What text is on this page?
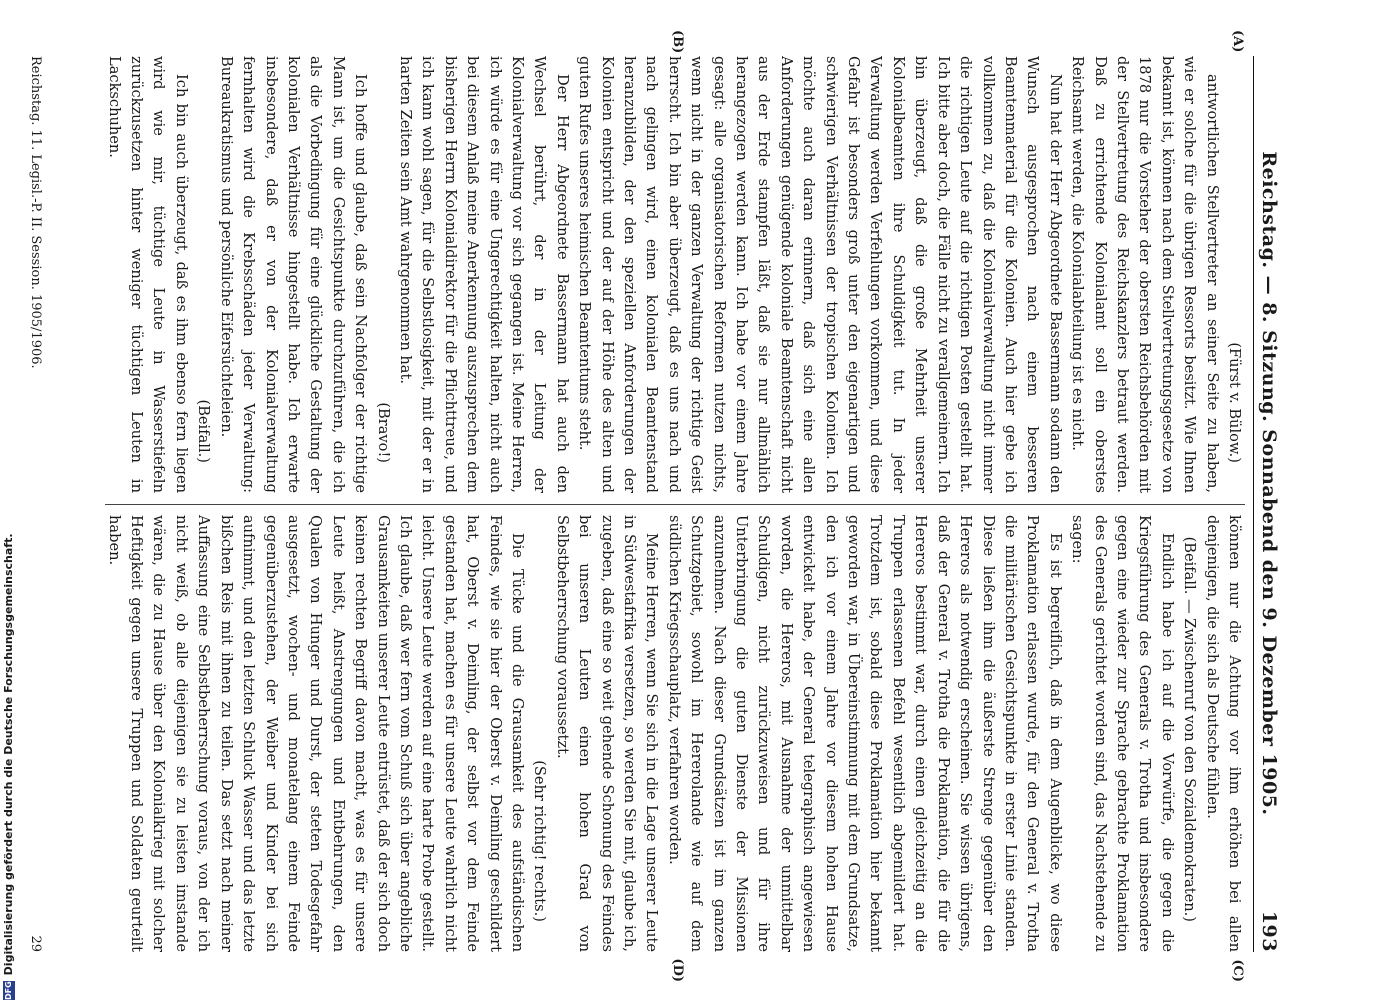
Reichstag. — 8. Sitzung. Sonnabend den 9. Dezember 1905.
193
(A)
(B)
(C)
(D)

(Fürst v. Bülow.)

antwortlichen Stellvertreter an seiner Seite zu haben, wie er solche für die übrigen Ressorts besitzt. Wie Ihnen bekannt ist, können nach dem Stellvertretungsgesetze von 1878 nur die Vorsteher der obersten Reichsbehörden mit der Stellvertretung des Reichskanzlers betraut werden. Daß zu errichtende Kolonialamt soll ein oberstes Reichsamt werden, die Kolonialabteilung ist es nicht.

Nun hat der Herr Abgeordnete Bassermann sodann den Wunsch ausgesprochen nach einem besseren Beamtenmaterial für die Kolonien. Auch hier gebe ich vollkommen zu, daß die Kolonialverwaltung nicht immer die richtigen Leute auf die richtigen Posten gestellt hat. Ich bitte aber doch, die Fälle nicht zu verallgemeinern. Ich bin überzeugt, daß die große Mehrheit unserer Kolonialbeamten ihre Schuldigkeit tut. In jeder Verwaltung werden Verfehlungen vorkommen, und diese Gefahr ist besonders groß unter den eigenartigen und schwierigen Verhältnissen der tropischen Kolonien. Ich möchte auch daran erinnern, daß sich eine allen Anforderungen genügende koloniale Beamtenschaft nicht aus der Erde stampfen läßt, daß sie nur allmählich herangezogen werden kann. Ich habe vor einem Jahre gesagt: alle organisatorischen Reformen nutzen nichts, wenn nicht in der ganzen Verwaltung der richtige Geist herrscht. Ich bin aber überzeugt, daß es uns nach und nach gelingen wird, einen kolonialen Beamtenstand heranzubilden, der den speziellen Anforderungen der Kolonien entspricht und der auf der Höhe des alten und guten Rufes unseres heimischen Beamtentums steht.

Der Herr Abgeordnete Bassermann hat auch den Wechsel berührt, der in der Leitung der Kolonialverwaltung vor sich gegangen ist. Meine Herren, ich würde es für eine Ungerechtigkeit halten, nicht auch bei diesem Anlaß meine Anerkennung auszusprechen dem bisherigen Herrn Kolonialdirektor für die Pflichttreue, und ich kann wohl sagen, für die Selbstlosigkeit, mit der er in harten Zeiten sein Amt wahrgenommen hat.

(Bravo!)

Ich hoffe und glaube, daß sein Nachfolger der richtige Mann ist, um die Gesichtspunkte durchzuführen, die ich als die Vorbedingung für eine glückliche Gestaltung der kolonialen Verhältnisse hingestellt habe. Ich erwarte insbesondere, daß er von der Kolonialverwaltung fernhalten wird die Krebsschäden jeder Verwaltung: Bureaukratismus und persönliche Eifersüchteleien.

(Beifall.)

Ich bin auch überzeugt, daß es ihm ebenso fern liegen wird wie mir, tüchtige Leute in Wasserstiefeln zurückzusetzen hinter weniger tüchtigen Leuten in Lackschuhen.

können nur die Achtung vor ihm erhöhen bei allen denjenigen, die sich als Deutsche fühlen.

(Beifall. — Zwischenruf von den Sozialdemokraten.)

Endlich habe ich auf die Vorwürfe, die gegen die Kriegsführung des Generals v. Trotha und insbesondere gegen eine wieder zur Sprache gebrachte Proklamation des Generals gerichtet worden sind, das Nachstehende zu sagen:

Es ist begreiflich, daß in dem Augenblicke, wo diese Proklamation erlassen wurde, für den General v. Trotha die militärischen Gesichtspunkte in erster Linie standen. Diese ließen ihm die äußerste Strenge gegenüber den Hereros als notwendig erscheinen. Sie wissen übrigens, daß der General v. Trotha die Proklamation, die für die Hereros bestimmt war, durch einen gleichzeitig an die Truppen erlassenen Befehl wesentlich abgemildert hat. Trotzdem ist, sobald diese Proklamation hier bekannt geworden war, in Übereinstimmung mit dem Grundsatze, den ich vor einem Jahre vor diesem hohen Hause entwickelt habe, der General telegraphisch angewiesen worden, die Hereros, mit Ausnahme der unmittelbar Schuldigen, nicht zurückzuweisen und für ihre Unterbringung die guten Dienste der Missionen anzunehmen. Nach dieser Grundsätzen ist im ganzen Schutzgebiet, sowohl im Hererolande wie auf dem südlichen Kriegsschauplatz, verfahren worden.

Meine Herren, wenn Sie sich in die Lage unserer Leute in Südwestafrika versetzen, so werden Sie mit, glaube ich, zugeben, daß eine so weit gehende Schonung des Feindes bei unseren Leuten einen hohen Grad von Selbstbeherrschung voraussetzt.

(Sehr richtig! rechts.)

Die Tücke und die Grausamkeit des aufständischen Feindes, wie sie hier der Oberst v. Deimling geschildert hat, Oberst v. Deimling, der selbst vor dem Feinde gestanden hat, machen es für unsere Leute wahrlich nicht leicht. Unsere Leute werden auf eine harte Probe gestellt. Ich glaube, daß wer fern vom Schuß sich über angebliche Grausamkeiten unserer Leute entrüstet, daß der sich doch keinen rechten Begriff davon macht, was es für unsere Leute heißt, Anstrengungen und Entbehrungen, den Qualen von Hunger und Durst, der steten Todesgefahr ausgesetzt, wochen- und monatelang einem Feinde gegenüberzustehen, der Weiber und Kinder bei sich aufnimmt, und den letzten Schluck Wasser und das letzte bißchen Reis mit ihnen zu teilen. Das setzt nach meiner Auffassung eine Selbstbeherrschung voraus, von der ich nicht weiß, ob alle diejenigen sie zu leisten imstande wären, die zu Hause über den Kolonialkrieg mit solcher Heftigkeit gegen unsere Truppen und Soldaten geurteilt haben.

Reichstag. 11. Legisl.-P. II. Session. 1905/1906.
29
DFG
Digitalisierung gefördert durch die Deutsche Forschungsgemeinschaft.
